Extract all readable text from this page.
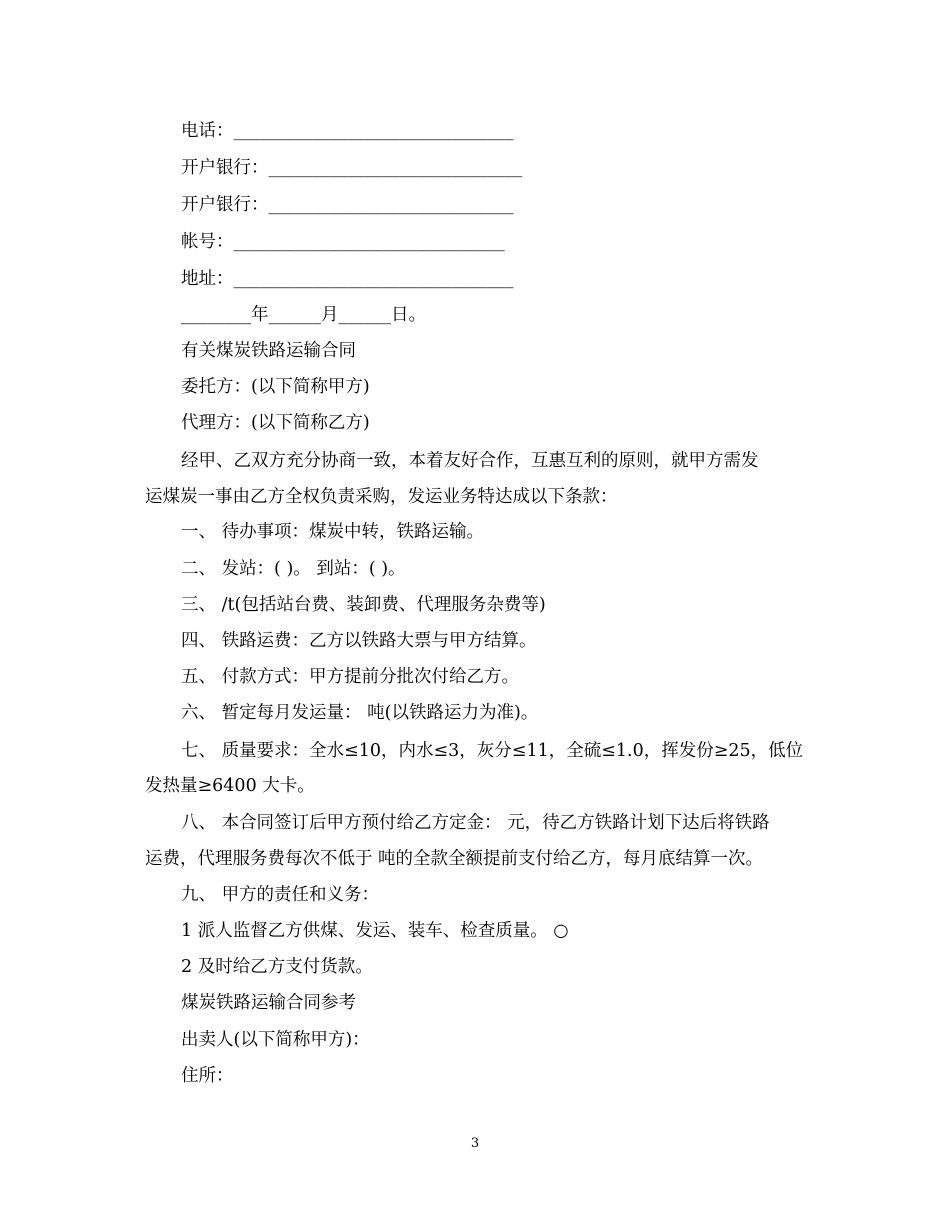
电话：________________________________
开户银行：_____________________________
开户银行：____________________________
帐号：_______________________________
地址：________________________________
________年______月______日。
有关煤炭铁路运输合同
委托方：(以下简称甲方)
代理方：(以下简称乙方)
经甲、乙双方充分协商一致，本着友好合作，互惠互利的原则，就甲方需发
运煤炭一事由乙方全权负责采购，发运业务特达成以下条款：
一、 待办事项：煤炭中转，铁路运输。
二、 发站：( )。 到站：( )。
三、 /t(包括站台费、装卸费、代理服务杂费等)
四、 铁路运费：乙方以铁路大票与甲方结算。
五、 付款方式：甲方提前分批次付给乙方。
六、 暂定每月发运量： 吨(以铁路运力为准)。
七、 质量要求：全水≤10，内水≤3，灰分≤11，全硫≤1.0，挥发份≥25，低位
发热量≥6400 大卡。
八、 本合同签订后甲方预付给乙方定金： 元，待乙方铁路计划下达后将铁路
运费，代理服务费每次不低于 吨的全款全额提前支付给乙方，每月底结算一次。
九、 甲方的责任和义务：
1 派人监督乙方供煤、发运、装车、检查质量。 ○
2 及时给乙方支付货款。
煤炭铁路运输合同参考
出卖人(以下简称甲方)：
住所：
3
